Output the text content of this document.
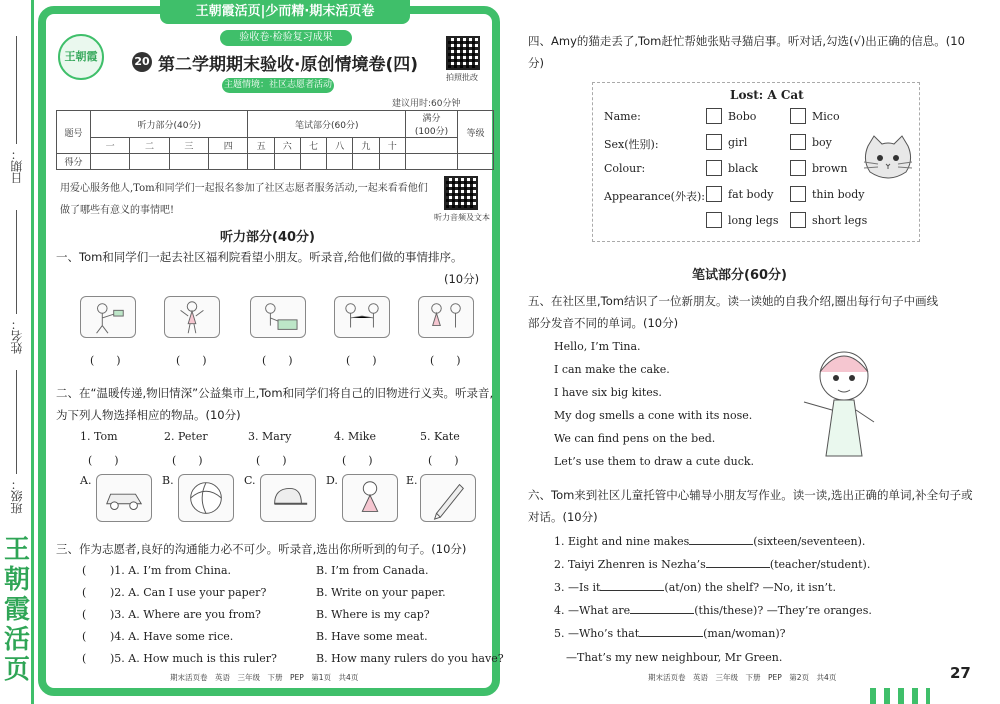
日期：
姓名：
班级：
王朝霞活页
王朝霞活页|少而精·期末活页卷
验收卷·检验复习成果
王朝霞	20 第二学期期末验收·原创情境卷(四)
主题情境：社区志愿者活动
拍照批改
建议用时:60分钟
题号	听力部分(40分)				笔试部分(60分)						满分
(100分)	等级
	一	二	三	四	五	六	七	八	九	十		
得分												
用爱心服务他人,Tom和同学们一起报名参加了社区志愿者服务活动,一起来看看他们做了哪些有意义的事情吧!
听力音频及文本
听力部分(40分)
一、Tom和同学们一起去社区福利院看望小朋友。听录音,给他们做的事情排序。
(10分)
(　　)	(　　)	(　　)	(　　)	(　　)
二、在“温暖传递,物旧情深”公益集市上,Tom和同学们将自己的旧物进行义卖。听录音,为下列人物选择相应的物品。(10分)
1. Tom	2. Peter	3. Mary	4. Mike	5. Kate
(　　)	(　　)	(　　)	(　　)	(　　)
A.	B.	C.	D.	E.
三、作为志愿者,良好的沟通能力必不可少。听录音,选出你所听到的句子。(10分)
( )1. A. I’m from China.	B. I’m from Canada.
( )2. A. Can I use your paper?	B. Write on your paper.
( )3. A. Where are you from?	B. Where is my cap?
( )4. A. Have some rice.	B. Have some meat.
( )5. A. How much is this ruler?	B. How many rulers do you have?
期末活页卷　英语　三年级　下册　PEP　第1页　共4页
四、Amy的猫走丢了,Tom赶忙帮她张贴寻猫启事。听对话,勾选(√)出正确的信息。(10分)
Lost: A Cat
Name:	Bobo	Mico
Sex(性别):	girl	boy
Colour:	black	brown
Appearance(外表): fat body	thin body
long legs	short legs
笔试部分(60分)
五、在社区里,Tom结识了一位新朋友。读一读她的自我介绍,圈出每行句子中画线部分发音不同的单词。(10分)
Hello, I’m Tina.
I can make the cake.
I have six big kites.
My dog smells a cone with its nose.
We can find pens on the bed.
Let’s use them to draw a cute duck.
六、Tom来到社区儿童托管中心辅导小朋友写作业。读一读,选出正确的单词,补全句子或对话。(10分)
1. Eight and nine makes	(sixteen/seventeen).
2. Taiyi Zhenren is Nezha’s	(teacher/student).
3. —Is it	(at/on) the shelf? —No, it isn’t.
4. —What are	(this/these)? —They’re oranges.
5. —Who’s that	(man/woman)?
—That’s my new neighbour, Mr Green.
期末活页卷　英语　三年级　下册　PEP　第2页　共4页	27
